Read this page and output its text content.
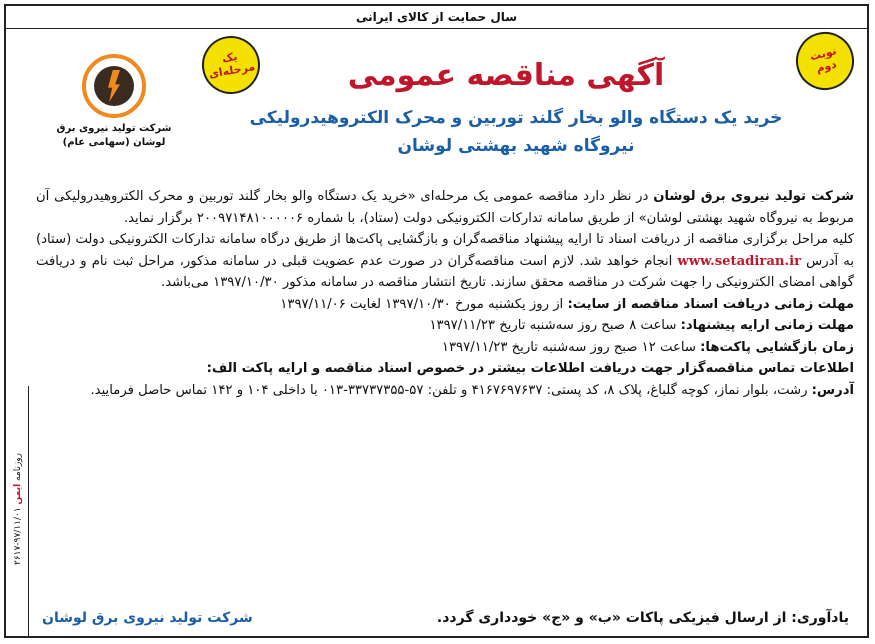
سال حمایت از کالای ایرانی
روزنامه ایمن ۹۷/۱۱/۰۱-۲۶۱۷
نوبت دوم
یک مرحله‌ای
شرکت تولید نیروی برق لوشان (سهامی عام)
آگهی مناقصه عمومی
خرید یک دستگاه والو بخار گلند توربین و محرک الکتروهیدرولیکی
نیروگاه شهید بهشتی لوشان

شرکت تولید نیروی برق لوشان در نظر دارد مناقصه عمومی یک مرحله‌ای «خرید یک دستگاه والو بخار گلند توربین و محرک الکتروهیدرولیکی آن مربوط به نیروگاه شهید بهشتی لوشان» از طریق سامانه تدارکات الکترونیکی دولت (ستاد)، با شماره ۲۰۰۹۷۱۴۸۱۰۰۰۰۰۶ برگزار نماید.

کلیه مراحل برگزاری مناقصه از دریافت اسناد تا ارایه پیشنهاد مناقصه‌گران و بازگشایی پاکت‌ها از طریق درگاه سامانه تدارکات الکترونیکی دولت (ستاد) به آدرس www.setadiran.ir انجام خواهد شد. لازم است مناقصه‌گران در صورت عدم عضویت قبلی در سامانه مذکور، مراحل ثبت نام و دریافت گواهی امضای الکترونیکی را جهت شرکت در مناقصه محقق سازند. تاریخ انتشار مناقصه در سامانه مذکور ۱۳۹۷/۱۰/۳۰ می‌باشد.

مهلت زمانی دریافت اسناد مناقصه از سایت: از روز یکشنبه مورخ ۱۳۹۷/۱۰/۳۰ لغایت ۱۳۹۷/۱۱/۰۶

مهلت زمانی ارایه پیشنهاد: ساعت ۸ صبح روز سه‌شنبه تاریخ ۱۳۹۷/۱۱/۲۳

زمان بازگشایی پاکت‌ها: ساعت ۱۲ صبح روز سه‌شنبه تاریخ ۱۳۹۷/۱۱/۲۳

اطلاعات تماس مناقصه‌گزار جهت دریافت اطلاعات بیشتر در خصوص اسناد مناقصه و ارایه پاکت الف:

آدرس: رشت، بلوار نماز، کوچه گلباغ، پلاک ۸، کد پستی: ۴۱۶۷۶۹۷۶۳۷ و تلفن: ۵۷-۳۳۷۳۷۳۵۵-۰۱۳ با داخلی ۱۰۴ و ۱۴۲ تماس حاصل فرمایید.

یادآوری: از ارسال فیزیکی پاکات «ب» و «ج» خودداری گردد.
شرکت تولید نیروی برق لوشان
